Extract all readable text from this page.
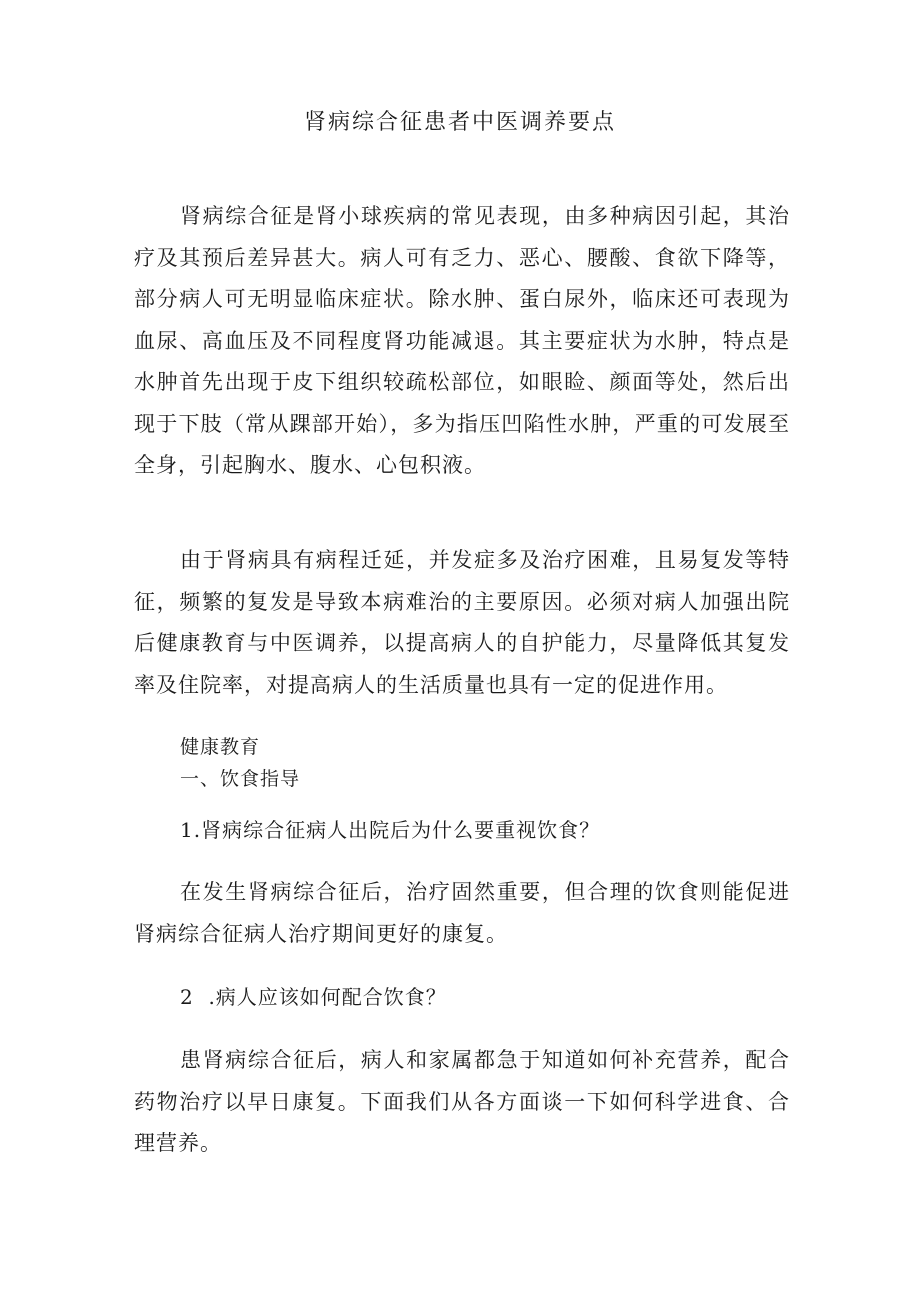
肾病综合征患者中医调养要点

肾病综合征是肾小球疾病的常见表现，由多种病因引起，其治疗及其预后差异甚大。病人可有乏力、恶心、腰酸、食欲下降等，部分病人可无明显临床症状。除水肿、蛋白尿外，临床还可表现为血尿、高血压及不同程度肾功能减退。其主要症状为水肿，特点是水肿首先出现于皮下组织较疏松部位，如眼睑、颜面等处，然后出现于下肢（常从踝部开始），多为指压凹陷性水肿，严重的可发展至全身，引起胸水、腹水、心包积液。

由于肾病具有病程迁延，并发症多及治疗困难，且易复发等特征，频繁的复发是导致本病难治的主要原因。必须对病人加强出院后健康教育与中医调养，以提高病人的自护能力，尽量降低其复发率及住院率，对提高病人的生活质量也具有一定的促进作用。

健康教育

一、饮食指导

1.肾病综合征病人出院后为什么要重视饮食？

在发生肾病综合征后，治疗固然重要，但合理的饮食则能促进肾病综合征病人治疗期间更好的康复。

2  .病人应该如何配合饮食？

患肾病综合征后，病人和家属都急于知道如何补充营养，配合药物治疗以早日康复。下面我们从各方面谈一下如何科学进食、合理营养。
